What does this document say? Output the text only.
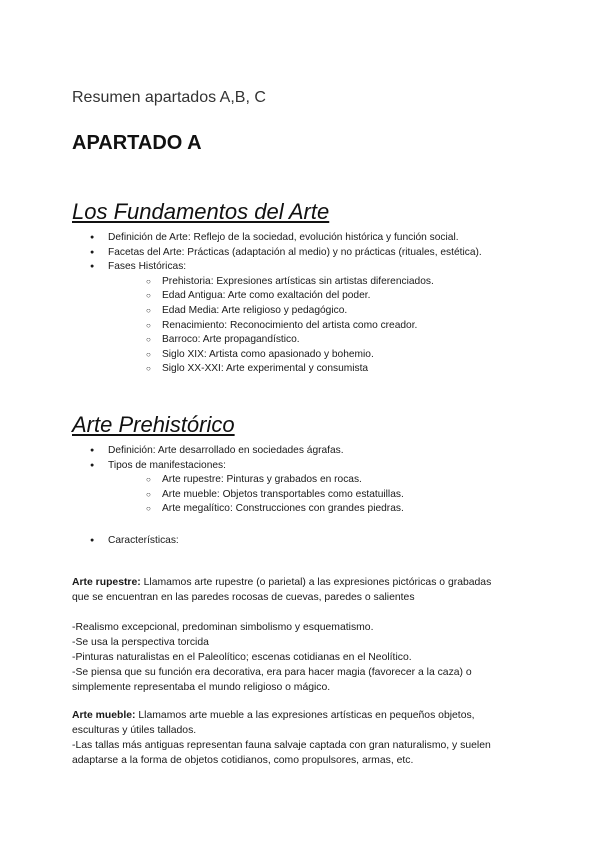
Resumen apartados A,B, C

APARTADO A
Los Fundamentos del Arte
● Definición de Arte: Reflejo de la sociedad, evolución histórica y función social.
● Facetas del Arte: Prácticas (adaptación al medio) y no prácticas (rituales, estética).
● Fases Históricas:
○ Prehistoria: Expresiones artísticas sin artistas diferenciados.
○ Edad Antigua: Arte como exaltación del poder.
○ Edad Media: Arte religioso y pedagógico.
○ Renacimiento: Reconocimiento del artista como creador.
○ Barroco: Arte propagandístico.
○ Siglo XIX: Artista como apasionado y bohemio.
○ Siglo XX-XXI: Arte experimental y consumista
Arte Prehistórico
● Definición: Arte desarrollado en sociedades ágrafas.
● Tipos de manifestaciones:
○ Arte rupestre: Pinturas y grabados en rocas.
○ Arte mueble: Objetos transportables como estatuillas.
○ Arte megalítico: Construcciones con grandes piedras.
● Características:
Arte rupestre: Llamamos arte rupestre (o parietal) a las expresiones pictóricas o grabadas
que se encuentran en las paredes rocosas de cuevas, paredes o salientes
-Realismo excepcional, predominan simbolismo y esquematismo.
-Se usa la perspectiva torcida
-Pinturas naturalistas en el Paleolítico; escenas cotidianas en el Neolítico.
-Se piensa que su función era decorativa, era para hacer magia (favorecer a la caza) o
simplemente representaba el mundo religioso o mágico.
Arte mueble: Llamamos arte mueble a las expresiones artísticas en pequeños objetos,
esculturas y útiles tallados.
-Las tallas más antiguas representan fauna salvaje captada con gran naturalismo, y suelen
adaptarse a la forma de objetos cotidianos, como propulsores, armas, etc.
